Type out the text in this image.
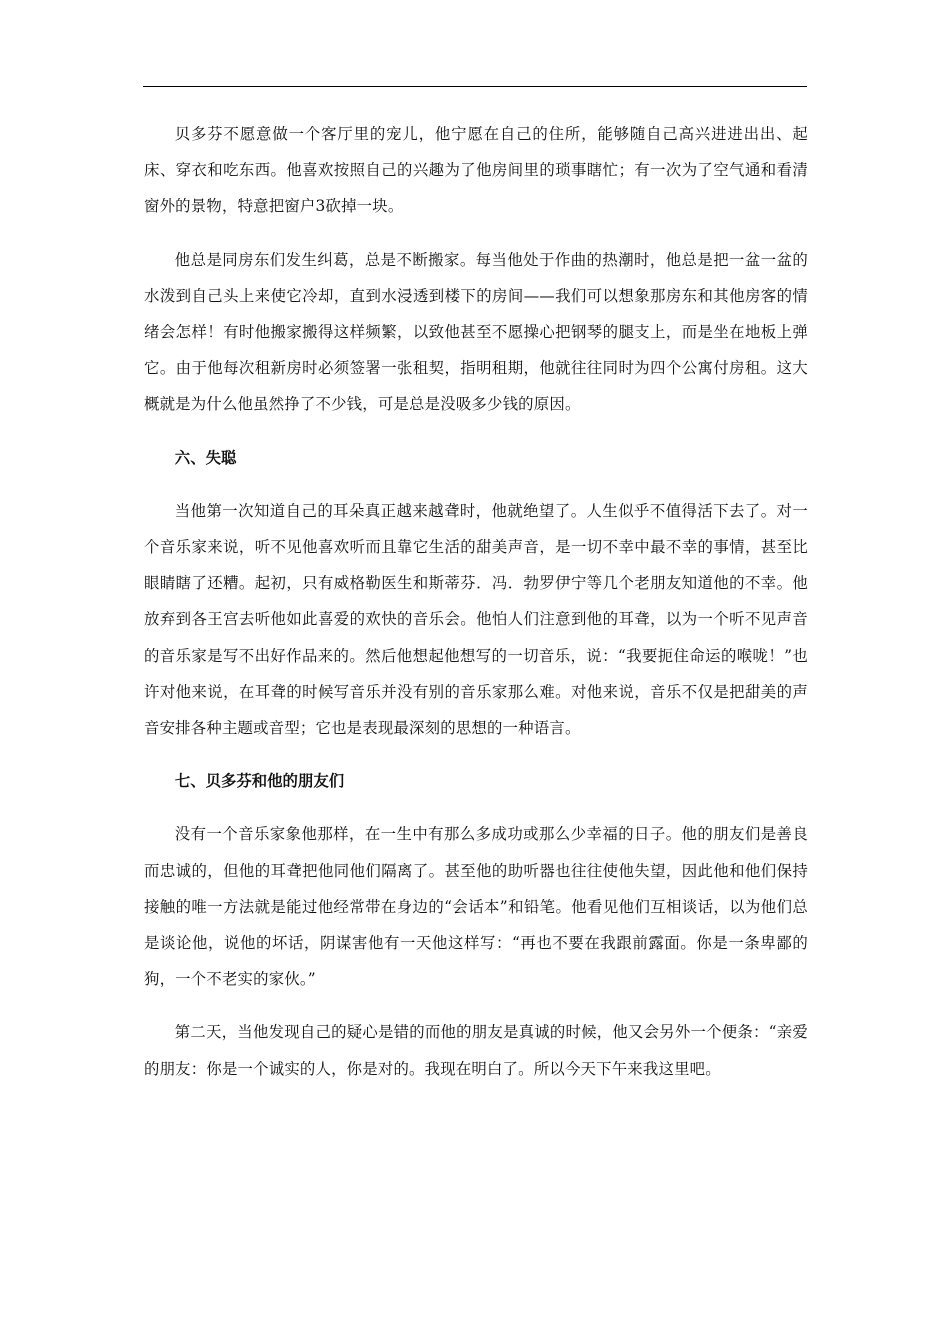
贝多芬不愿意做一个客厅里的宠儿，他宁愿在自己的住所，能够随自己高兴进进出出、起床、穿衣和吃东西。他喜欢按照自己的兴趣为了他房间里的琐事瞎忙；有一次为了空气通和看清窗外的景物，特意把窗户3砍掉一块。

他总是同房东们发生纠葛，总是不断搬家。每当他处于作曲的热潮时，他总是把一盆一盆的水泼到自己头上来使它冷却，直到水浸透到楼下的房间——我们可以想象那房东和其他房客的情绪会怎样！有时他搬家搬得这样频繁，以致他甚至不愿操心把钢琴的腿支上，而是坐在地板上弹它。由于他每次租新房时必须签署一张租契，指明租期，他就往往同时为四个公寓付房租。这大概就是为什么他虽然挣了不少钱，可是总是没吸多少钱的原因。

六、失聪

当他第一次知道自己的耳朵真正越来越聋时，他就绝望了。人生似乎不值得活下去了。对一个音乐家来说，听不见他喜欢听而且靠它生活的甜美声音，是一切不幸中最不幸的事情，甚至比眼睛瞎了还糟。起初，只有威格勒医生和斯蒂芬．冯．勃罗伊宁等几个老朋友知道他的不幸。他放弃到各王宫去听他如此喜爱的欢快的音乐会。他怕人们注意到他的耳聋，以为一个听不见声音的音乐家是写不出好作品来的。然后他想起他想写的一切音乐，说：“我要扼住命运的喉咙！”也许对他来说，在耳聋的时候写音乐并没有别的音乐家那么难。对他来说，音乐不仅是把甜美的声音安排各种主题或音型；它也是表现最深刻的思想的一种语言。

七、贝多芬和他的朋友们

没有一个音乐家象他那样，在一生中有那么多成功或那么少幸福的日子。他的朋友们是善良而忠诚的，但他的耳聋把他同他们隔离了。甚至他的助听器也往往使他失望，因此他和他们保持接触的唯一方法就是能过他经常带在身边的“会话本”和铅笔。他看见他们互相谈话，以为他们总是谈论他，说他的坏话，阴谋害他有一天他这样写：“再也不要在我跟前露面。你是一条卑鄙的狗，一个不老实的家伙。”

第二天，当他发现自己的疑心是错的而他的朋友是真诚的时候，他又会另外一个便条：“亲爱的朋友：你是一个诚实的人，你是对的。我现在明白了。所以今天下午来我这里吧。
